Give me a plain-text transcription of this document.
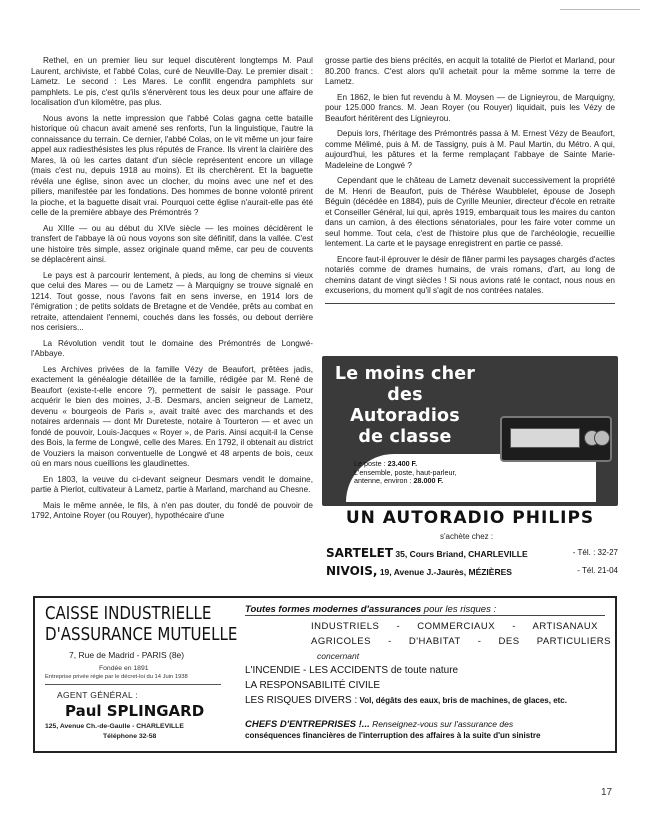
Rethel, en un premier lieu sur lequel discutèrent longtemps M. Paul Laurent, archiviste, et l'abbé Colas, curé de Neuville-Day. Le premier disait : Lametz. Le second : Les Mares. Le conflit engendra pamphlets sur pamphlets. Le pis, c'est qu'ils s'énervèrent tous les deux pour une affaire de localisation d'un kilomètre, pas plus.

Nous avons la nette impression que l'abbé Colas gagna cette bataille historique où chacun avait amené ses renforts, l'un la linguistique, l'autre la connaissance du terrain. Ce dernier, l'abbé Colas, on le vit même un jour faire appel aux radiesthésistes les plus réputés de France. Ils virent la clairière des Mares, là où les cartes datant d'un siècle représentent encore un village (mais c'est nu, depuis 1918 au moins). Et ils cherchèrent. Et la baguette révéla une église, sinon avec un clocher, du moins avec une nef et des piliers, manifestée par les fondations. Des hommes de bonne volonté prirent la pioche, et la baguette disait vrai. Pourquoi cette église n'aurait-elle pas été celle de la première abbaye des Prémontrés ?

Au XIIIe — ou au début du XIVe siècle — les moines décidèrent le transfert de l'abbaye là où nous voyons son site définitif, dans la vallée. C'est une histoire très simple, assez originale quand même, car peu de couvents se déplacèrent ainsi.

Le pays est à parcourir lentement, à pieds, au long de chemins si vieux que celui des Mares — ou de Lametz — à Marquigny se trouve signalé en 1214. Tout gosse, nous l'avons fait en sens inverse, en 1914 lors de l'émigration ; de petits soldats de Bretagne et de Vendée, prêts au combat en retraite, attendaient l'ennemi, couchés dans les fossés, ou debout derrière nos cerisiers...

La Révolution vendit tout le domaine des Prémontrés de Longwé-l'Abbaye.

Les Archives privées de la famille Vézy de Beaufort, prêtées jadis, exactement la généalogie détaillée de la famille, rédigée par M. René de Beaufort (existe-t-elle encore ?), permettent de saisir le passage. Pour acquérir le bien des moines, J.-B. Desmars, ancien seigneur de Lametz, devenu « bourgeois de Paris », avait traité avec des marchands et des notaires ardennais — dont Mr Dureteste, notaire à Tourteron — et avec un fondé de pouvoir, Louis-Jacques « Royer », de Paris. Ainsi acquit-il la Cense des Bois, la ferme de Longwé, celle des Mares. En 1792, il obtenait au district de Vouziers la maison conventuelle de Longwé et 48 arpents de bois, ceux où en mars nous cueillions les glaudinettes.

En 1803, la veuve du ci-devant seigneur Desmars vendit le domaine, partie à Pierlot, cultivateur à Lametz, partie à Marland, marchand au Chesne.

Mais le même année, le fils, à n'en pas douter, du fondé de pouvoir de 1792, Antoine Royer (ou Rouyer), hypothécaire d'une

grosse partie des biens précités, en acquit la totalité de Pierlot et Marland, pour 80.200 francs. C'est alors qu'il achetait pour la même somme la terre de Lametz.

En 1862, le bien fut revendu à M. Moysen — de Lignieyrou, de Marquigny, pour 125.000 francs. M. Jean Royer (ou Rouyer) liquidait, puis les Vézy de Beaufort héritèrent des Lignieyrou.

Depuis lors, l'héritage des Prémontrés passa à M. Ernest Vézy de Beaufort, comme Mélimé, puis à M. de Tassigny, puis à M. Paul Martin, du Métro. A qui, aujourd'hui, les pâtures et la ferme remplaçant l'abbaye de Sainte Marie-Madeleine de Longwé ?

Cependant que le château de Lametz devenait successivement la propriété de M. Henri de Beaufort, puis de Thérèse Waubblelet, épouse de Joseph Béguin (décédée en 1884), puis de Cyrille Meunier, directeur d'école en retraite et Conseiller Général, lui qui, après 1919, embarquait tous les maires du canton dans un camion, à des élections sénatoriales, pour les faire voter comme un seul homme. Tout cela, c'est de l'histoire plus que de l'archéologie, recueillie lentement. La carte et le paysage enregistrent en partie ce passé.

Encore faut-il éprouver le désir de flâner parmi les paysages chargés d'actes notariés comme de drames humains, de vrais romans, d'art, au long de chemins datant de vingt siècles ! Si nous avions raté le contact, nous nous en excuserions, du moment qu'il s'agit de nos contrées natales.

Le moins cher
des Autoradios
de classe
Le poste : 23.400 F.
L'ensemble, poste, haut-parleur,
antenne, environ : 28.000 F.
UN AUTORADIO PHILIPS
s'achète chez :
SARTELET 35, Cours Briand, CHARLEVILLE	- Tél. : 32-27
NIVOIS, 19, Avenue J.-Jaurès, MÉZIÈRES	- Tél. 21-04
CAISSE INDUSTRIELLE
D'ASSURANCE MUTUELLE
7, Rue de Madrid - PARIS (8e)
Fondée en 1891
Entreprise privée régie par le décret-loi du 14 Juin 1938
AGENT GÉNÉRAL :
Paul SPLINGARD
125, Avenue Ch.-de-Gaulle - CHARLEVILLE
Téléphone 32-58
Toutes formes modernes d'assurances pour les risques :
INDUSTRIELS - COMMERCIAUX - ARTISANAUX
AGRICOLES - D'HABITAT - DES PARTICULIERS
concernant
L'INCENDIE - LES ACCIDENTS de toute nature
LA RESPONSABILITÉ CIVILE
LES RISQUES DIVERS : Vol, dégâts des eaux, bris de machines, de glaces, etc.
CHEFS D'ENTREPRISES !... Renseignez-vous sur l'assurance des
conséquences financières de l'interruption des affaires à la suite d'un sinistre
17
